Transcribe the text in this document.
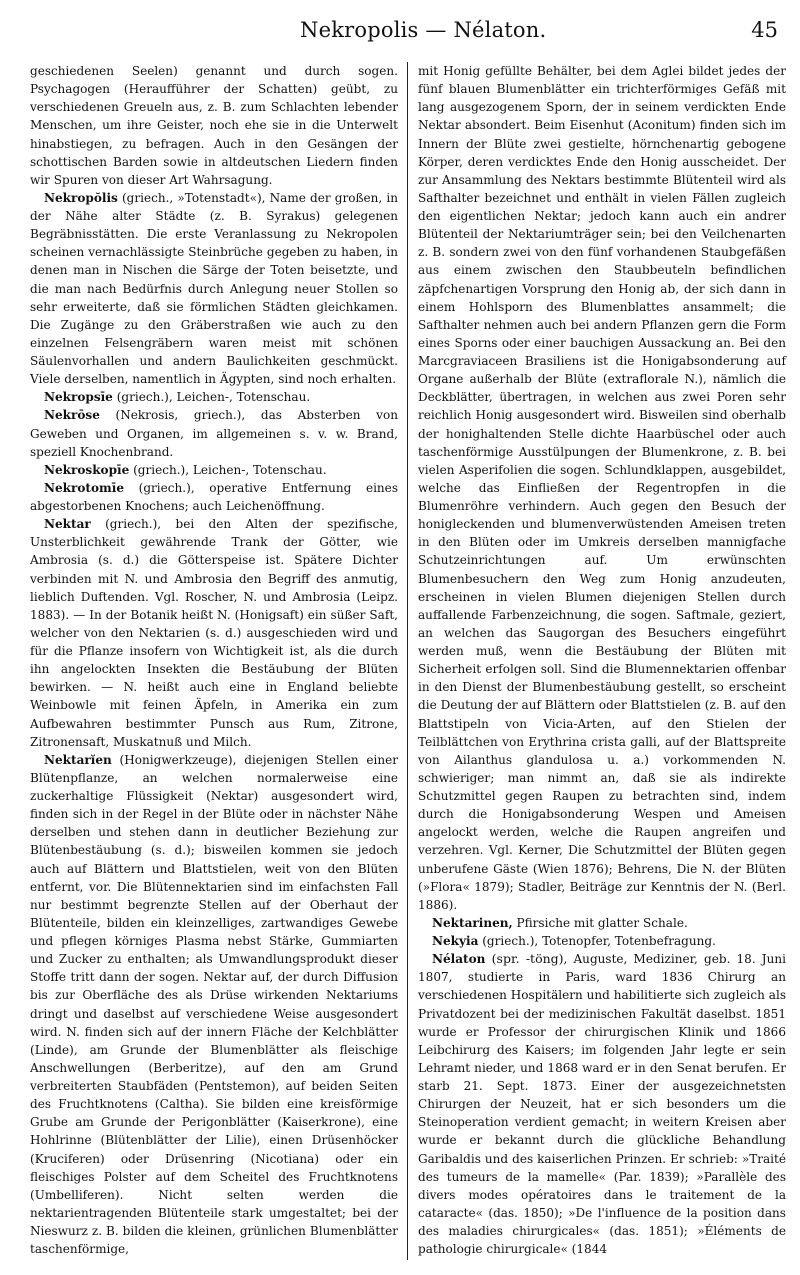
Nekropolis — Nélaton.	45

geschiedenen Seelen) genannt und durch sogen. Psychagogen (Heraufführer der Schatten) geübt, zu verschiedenen Greueln aus, z. B. zum Schlachten lebender Menschen, um ihre Geister, noch ehe sie in die Unterwelt hinabstiegen, zu befragen. Auch in den Gesängen der schottischen Barden sowie in altdeutschen Liedern finden wir Spuren von dieser Art Wahrsagung.

Nekropŏlis (griech., »Totenstadt«), Name der großen, in der Nähe alter Städte (z. B. Syrakus) gelegenen Begräbnisstätten. Die erste Veranlassung zu Nekropolen scheinen vernachlässigte Steinbrüche gegeben zu haben, in denen man in Nischen die Särge der Toten beisetzte, und die man nach Bedürfnis durch Anlegung neuer Stollen so sehr erweiterte, daß sie förmlichen Städten gleichkamen. Die Zugänge zu den Gräberstraßen wie auch zu den einzelnen Felsengräbern waren meist mit schönen Säulenvorhallen und andern Baulichkeiten geschmückt. Viele derselben, namentlich in Ägypten, sind noch erhalten.

Nekropsīe (griech.), Leichen-, Totenschau.

Nekrōse (Nekrosis, griech.), das Absterben von Geweben und Organen, im allgemeinen s. v. w. Brand, speziell Knochenbrand.

Nekroskopīe (griech.), Leichen-, Totenschau.

Nekrotomīe (griech.), operative Entfernung eines abgestorbenen Knochens; auch Leichenöffnung.

Nektar (griech.), bei den Alten der spezifische, Unsterblichkeit gewährende Trank der Götter, wie Ambrosia (s. d.) die Götterspeise ist. Spätere Dichter verbinden mit N. und Ambrosia den Begriff des anmutig, lieblich Duftenden. Vgl. Roscher, N. und Ambrosia (Leipz. 1883). — In der Botanik heißt N. (Honigsaft) ein süßer Saft, welcher von den Nektarien (s. d.) ausgeschieden wird und für die Pflanze insofern von Wichtigkeit ist, als die durch ihn angelockten Insekten die Bestäubung der Blüten bewirken. — N. heißt auch eine in England beliebte Weinbowle mit feinen Äpfeln, in Amerika ein zum Aufbewahren bestimmter Punsch aus Rum, Zitrone, Zitronensaft, Muskatnuß und Milch.

Nektarĭen (Honigwerkzeuge), diejenigen Stellen einer Blütenpflanze, an welchen normalerweise eine zuckerhaltige Flüssigkeit (Nektar) ausgesondert wird, finden sich in der Regel in der Blüte oder in nächster Nähe derselben und stehen dann in deutlicher Beziehung zur Blütenbestäubung (s. d.); bisweilen kommen sie jedoch auch auf Blättern und Blattstielen, weit von den Blüten entfernt, vor. Die Blütennektarien sind im einfachsten Fall nur bestimmt begrenzte Stellen auf der Oberhaut der Blütenteile, bilden ein kleinzelliges, zartwandiges Gewebe und pflegen körniges Plasma nebst Stärke, Gummiarten und Zucker zu enthalten; als Umwandlungsprodukt dieser Stoffe tritt dann der sogen. Nektar auf, der durch Diffusion bis zur Oberfläche des als Drüse wirkenden Nektariums dringt und daselbst auf verschiedene Weise ausgesondert wird. N. finden sich auf der innern Fläche der Kelchblätter (Linde), am Grunde der Blumenblätter als fleischige Anschwellungen (Berberitze), auf den am Grund verbreiterten Staubfäden (Pentstemon), auf beiden Seiten des Fruchtknotens (Caltha). Sie bilden eine kreisförmige Grube am Grunde der Perigonblätter (Kaiserkrone), eine Hohlrinne (Blütenblätter der Lilie), einen Drüsenhöcker (Kruciferen) oder Drüsenring (Nicotiana) oder ein fleischiges Polster auf dem Scheitel des Fruchtknotens (Umbelliferen). Nicht selten werden die nektarientragenden Blütenteile stark umgestaltet; bei der Nieswurz z. B. bilden die kleinen, grünlichen Blumenblätter taschenförmige,

mit Honig gefüllte Behälter, bei dem Aglei bildet jedes der fünf blauen Blumenblätter ein trichterförmiges Gefäß mit lang ausgezogenem Sporn, der in seinem verdickten Ende Nektar absondert. Beim Eisenhut (Aconitum) finden sich im Innern der Blüte zwei gestielte, hörnchenartig gebogene Körper, deren verdicktes Ende den Honig ausscheidet. Der zur Ansammlung des Nektars bestimmte Blütenteil wird als Safthalter bezeichnet und enthält in vielen Fällen zugleich den eigentlichen Nektar; jedoch kann auch ein andrer Blütenteil der Nektariumträger sein; bei den Veilchenarten z. B. sondern zwei von den fünf vorhandenen Staubgefäßen aus einem zwischen den Staubbeuteln befindlichen zäpfchenartigen Vorsprung den Honig ab, der sich dann in einem Hohlsporn des Blumenblattes ansammelt; die Safthalter nehmen auch bei andern Pflanzen gern die Form eines Sporns oder einer bauchigen Aussackung an. Bei den Marcgraviaceen Brasiliens ist die Honigabsonderung auf Organe außerhalb der Blüte (extraflorale N.), nämlich die Deckblätter, übertragen, in welchen aus zwei Poren sehr reichlich Honig ausgesondert wird. Bisweilen sind oberhalb der honighaltenden Stelle dichte Haarbüschel oder auch taschenförmige Ausstülpungen der Blumenkrone, z. B. bei vielen Asperifolien die sogen. Schlundklappen, ausgebildet, welche das Einfließen der Regentropfen in die Blumenröhre verhindern. Auch gegen den Besuch der honigleckenden und blumenverwüstenden Ameisen treten in den Blüten oder im Umkreis derselben mannigfache Schutzeinrichtungen auf. Um erwünschten Blumenbesuchern den Weg zum Honig anzudeuten, erscheinen in vielen Blumen diejenigen Stellen durch auffallende Farbenzeichnung, die sogen. Saftmale, geziert, an welchen das Saugorgan des Besuchers eingeführt werden muß, wenn die Bestäubung der Blüten mit Sicherheit erfolgen soll. Sind die Blumennektarien offenbar in den Dienst der Blumenbestäubung gestellt, so erscheint die Deutung der auf Blättern oder Blattstielen (z. B. auf den Blattstipeln von Vicia-Arten, auf den Stielen der Teilblättchen von Erythrina crista galli, auf der Blattspreite von Ailanthus glandulosa u. a.) vorkommenden N. schwieriger; man nimmt an, daß sie als indirekte Schutzmittel gegen Raupen zu betrachten sind, indem durch die Honigabsonderung Wespen und Ameisen angelockt werden, welche die Raupen angreifen und verzehren. Vgl. Kerner, Die Schutzmittel der Blüten gegen unberufene Gäste (Wien 1876); Behrens, Die N. der Blüten (»Flora« 1879); Stadler, Beiträge zur Kenntnis der N. (Berl. 1886).

Nektarinen, Pfirsiche mit glatter Schale.

Nekyia (griech.), Totenopfer, Totenbefragung.

Nélaton (spr. -töng), Auguste, Mediziner, geb. 18. Juni 1807, studierte in Paris, ward 1836 Chirurg an verschiedenen Hospitälern und habilitierte sich zugleich als Privatdozent bei der medizinischen Fakultät daselbst. 1851 wurde er Professor der chirurgischen Klinik und 1866 Leibchirurg des Kaisers; im folgenden Jahr legte er sein Lehramt nieder, und 1868 ward er in den Senat berufen. Er starb 21. Sept. 1873. Einer der ausgezeichnetsten Chirurgen der Neuzeit, hat er sich besonders um die Steinoperation verdient gemacht; in weitern Kreisen aber wurde er bekannt durch die glückliche Behandlung Garibaldis und des kaiserlichen Prinzen. Er schrieb: »Traité des tumeurs de la mamelle« (Par. 1839); »Parallèle des divers modes opératoires dans le traitement de la cataracte« (das. 1850); »De l'influence de la position dans des maladies chirurgicales« (das. 1851); »Éléments de pathologie chirurgicale« (1844
